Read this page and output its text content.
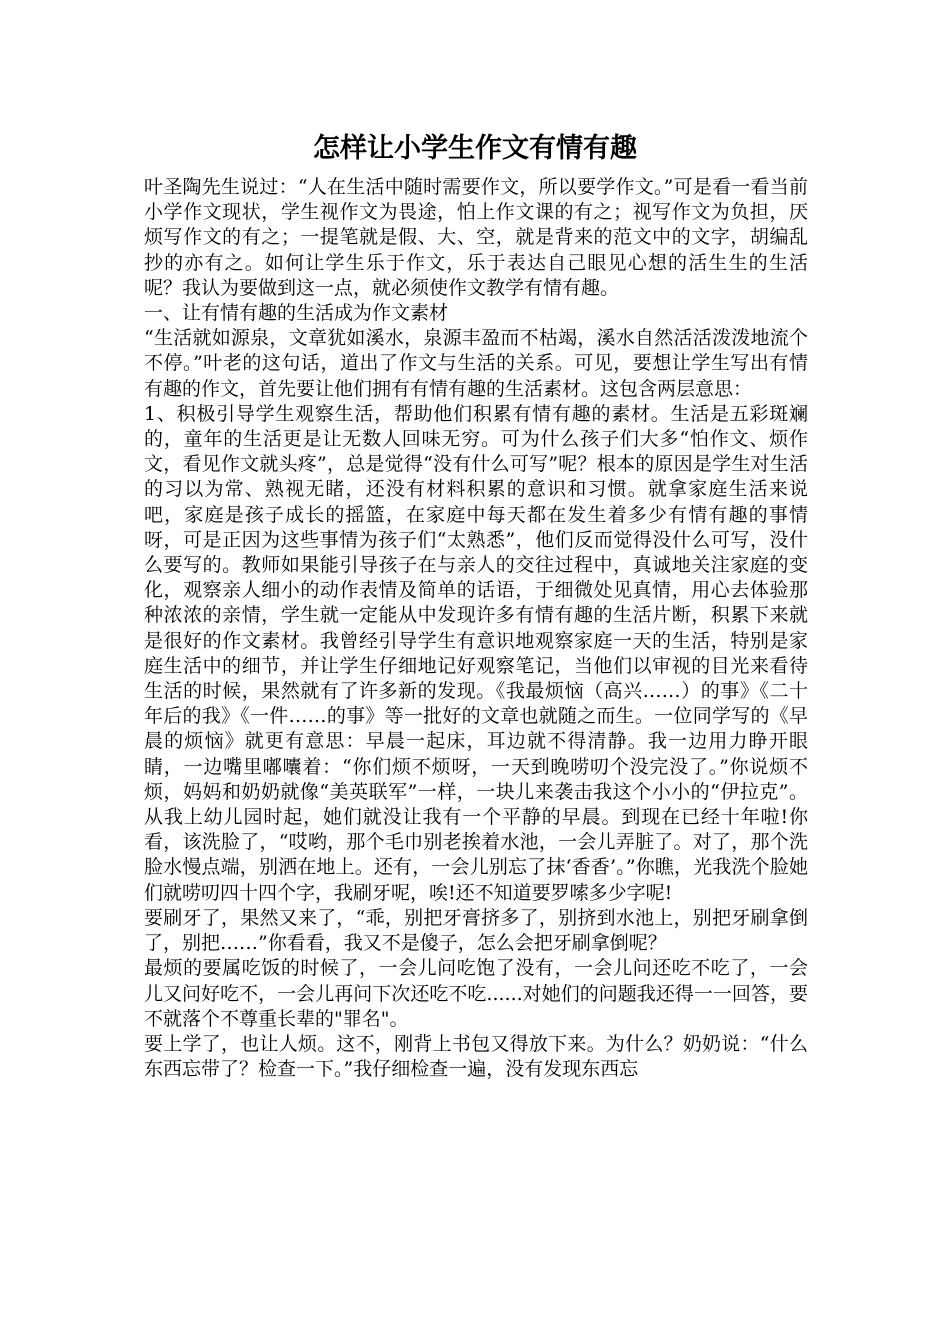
怎样让小学生作文有情有趣

叶圣陶先生说过：“人在生活中随时需要作文，所以要学作文。”可是看一看当前小学作文现状，学生视作文为畏途，怕上作文课的有之；视写作文为负担，厌烦写作文的有之；一提笔就是假、大、空，就是背来的范文中的文字，胡编乱抄的亦有之。如何让学生乐于作文，乐于表达自己眼见心想的活生生的生活呢？我认为要做到这一点，就必须使作文教学有情有趣。

一、让有情有趣的生活成为作文素材

“生活就如源泉，文章犹如溪水，泉源丰盈而不枯竭，溪水自然活活泼泼地流个不停。”叶老的这句话，道出了作文与生活的关系。可见，要想让学生写出有情有趣的作文，首先要让他们拥有有情有趣的生活素材。这包含两层意思：

1、积极引导学生观察生活，帮助他们积累有情有趣的素材。生活是五彩斑斓的，童年的生活更是让无数人回味无穷。可为什么孩子们大多“怕作文、烦作文，看见作文就头疼”，总是觉得“没有什么可写”呢？根本的原因是学生对生活的习以为常、熟视无睹，还没有材料积累的意识和习惯。就拿家庭生活来说吧，家庭是孩子成长的摇篮，在家庭中每天都在发生着多少有情有趣的事情呀，可是正因为这些事情为孩子们“太熟悉”，他们反而觉得没什么可写，没什么要写的。教师如果能引导孩子在与亲人的交往过程中，真诚地关注家庭的变化，观察亲人细小的动作表情及简单的话语，于细微处见真情，用心去体验那种浓浓的亲情，学生就一定能从中发现许多有情有趣的生活片断，积累下来就是很好的作文素材。我曾经引导学生有意识地观察家庭一天的生活，特别是家庭生活中的细节，并让学生仔细地记好观察笔记，当他们以审视的目光来看待生活的时候，果然就有了许多新的发现。《我最烦恼（高兴……）的事》《二十年后的我》《一件……的事》等一批好的文章也就随之而生。一位同学写的《早晨的烦恼》就更有意思：早晨一起床，耳边就不得清静。我一边用力睁开眼睛，一边嘴里嘟囔着：“你们烦不烦呀，一天到晚唠叨个没完没了。”你说烦不烦，妈妈和奶奶就像“美英联军”一样，一块儿来袭击我这个小小的“伊拉克”。从我上幼儿园时起，她们就没让我有一个平静的早晨。到现在已经十年啦!你看，该洗脸了，“哎哟，那个毛巾别老挨着水池，一会儿弄脏了。对了，那个洗脸水慢点端，别洒在地上。还有，一会儿别忘了抹‘香香’。”你瞧，光我洗个脸她们就唠叨四十四个字，我刷牙呢，唉!还不知道要罗嗦多少字呢!

要刷牙了，果然又来了，“乖，别把牙膏挤多了，别挤到水池上，别把牙刷拿倒了，别把……”你看看，我又不是傻子，怎么会把牙刷拿倒呢？

最烦的要属吃饭的时候了，一会儿问吃饱了没有，一会儿问还吃不吃了，一会儿又问好吃不，一会儿再问下次还吃不吃......对她们的问题我还得一一回答，要不就落个不尊重长辈的"罪名"。

要上学了，也让人烦。这不，刚背上书包又得放下来。为什么？奶奶说：“什么东西忘带了？检查一下。”我仔细检查一遍，没有发现东西忘
